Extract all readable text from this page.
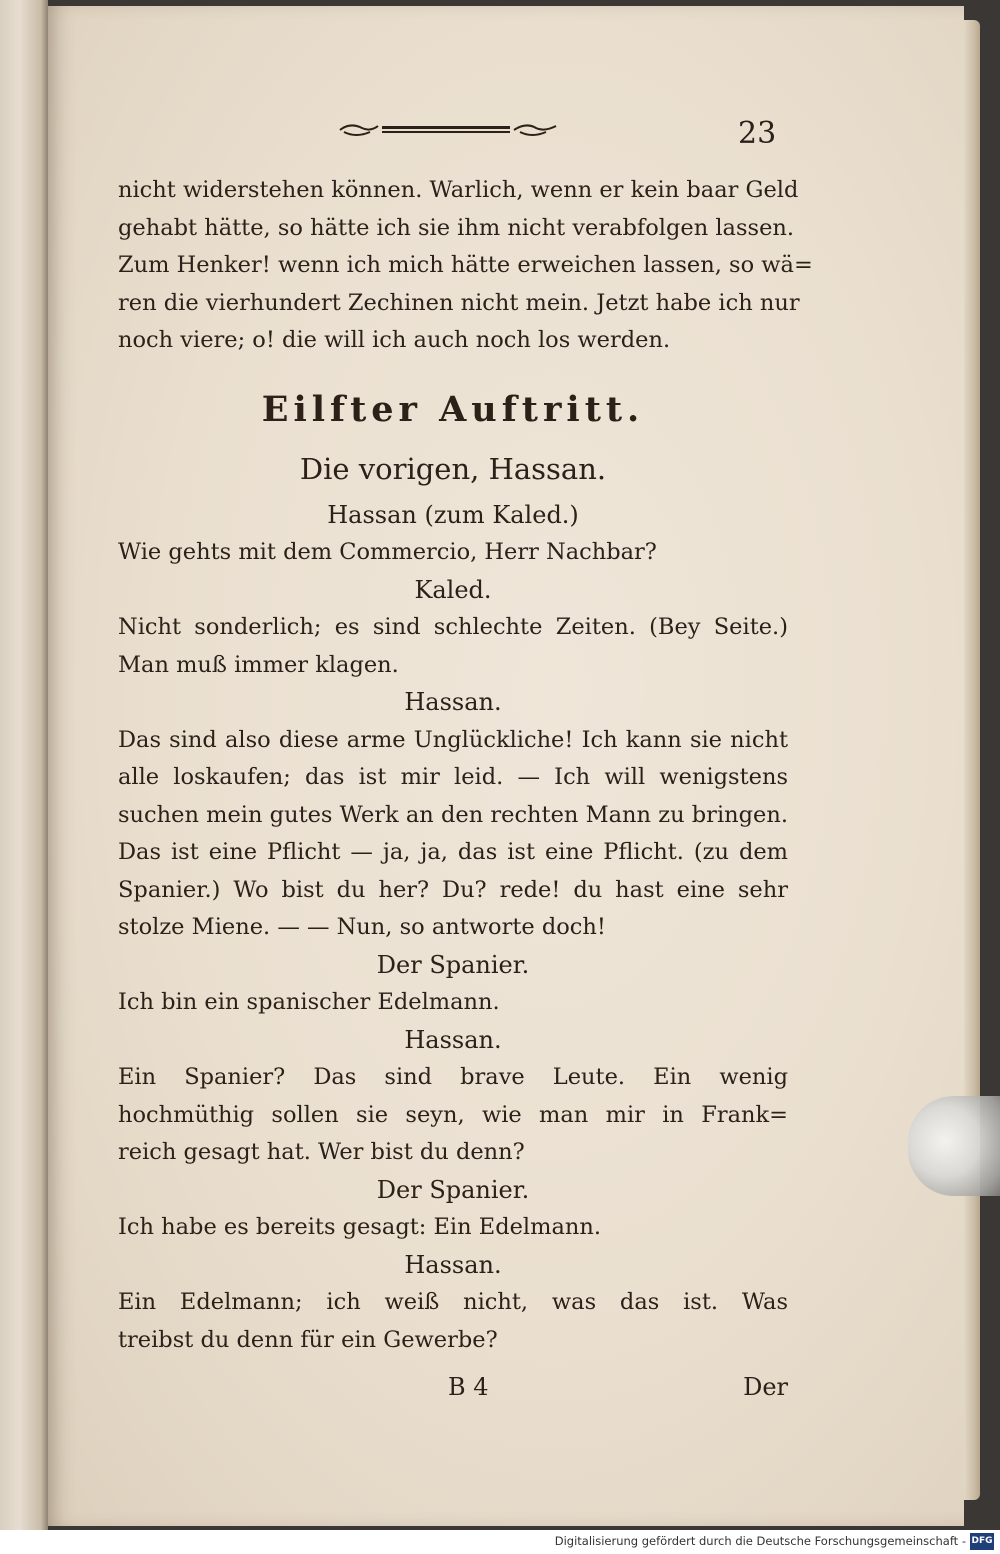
23
nicht widerstehen können. Warlich, wenn er kein baar Geld
gehabt hätte, so hätte ich sie ihm nicht verabfolgen lassen.
Zum Henker! wenn ich mich hätte erweichen lassen, so wä=
ren die vierhundert Zechinen nicht mein. Jetzt habe ich nur
noch viere; o! die will ich auch noch los werden.
Eilfter Auftritt.
Die vorigen, Hassan.
Hassan (zum Kaled.)
Wie gehts mit dem Commercio, Herr Nachbar?
Kaled.
Nicht sonderlich; es sind schlechte Zeiten. (Bey Seite.)
Man muß immer klagen.
Hassan.
Das sind also diese arme Unglückliche! Ich kann sie nicht
alle loskaufen; das ist mir leid. — Ich will wenigstens
suchen mein gutes Werk an den rechten Mann zu bringen.
Das ist eine Pflicht — ja, ja, das ist eine Pflicht. (zu dem
Spanier.) Wo bist du her? Du? rede! du hast eine sehr
stolze Miene. — — Nun, so antworte doch!
Der Spanier.
Ich bin ein spanischer Edelmann.
Hassan.
Ein Spanier? Das sind brave Leute. Ein wenig
hochmüthig sollen sie seyn, wie man mir in Frank=
reich gesagt hat. Wer bist du denn?
Der Spanier.
Ich habe es bereits gesagt: Ein Edelmann.
Hassan.
Ein Edelmann; ich weiß nicht, was das ist. Was
treibst du denn für ein Gewerbe?
B 4	Der
Digitalisierung gefördert durch die Deutsche Forschungsgemeinschaft - DFG
